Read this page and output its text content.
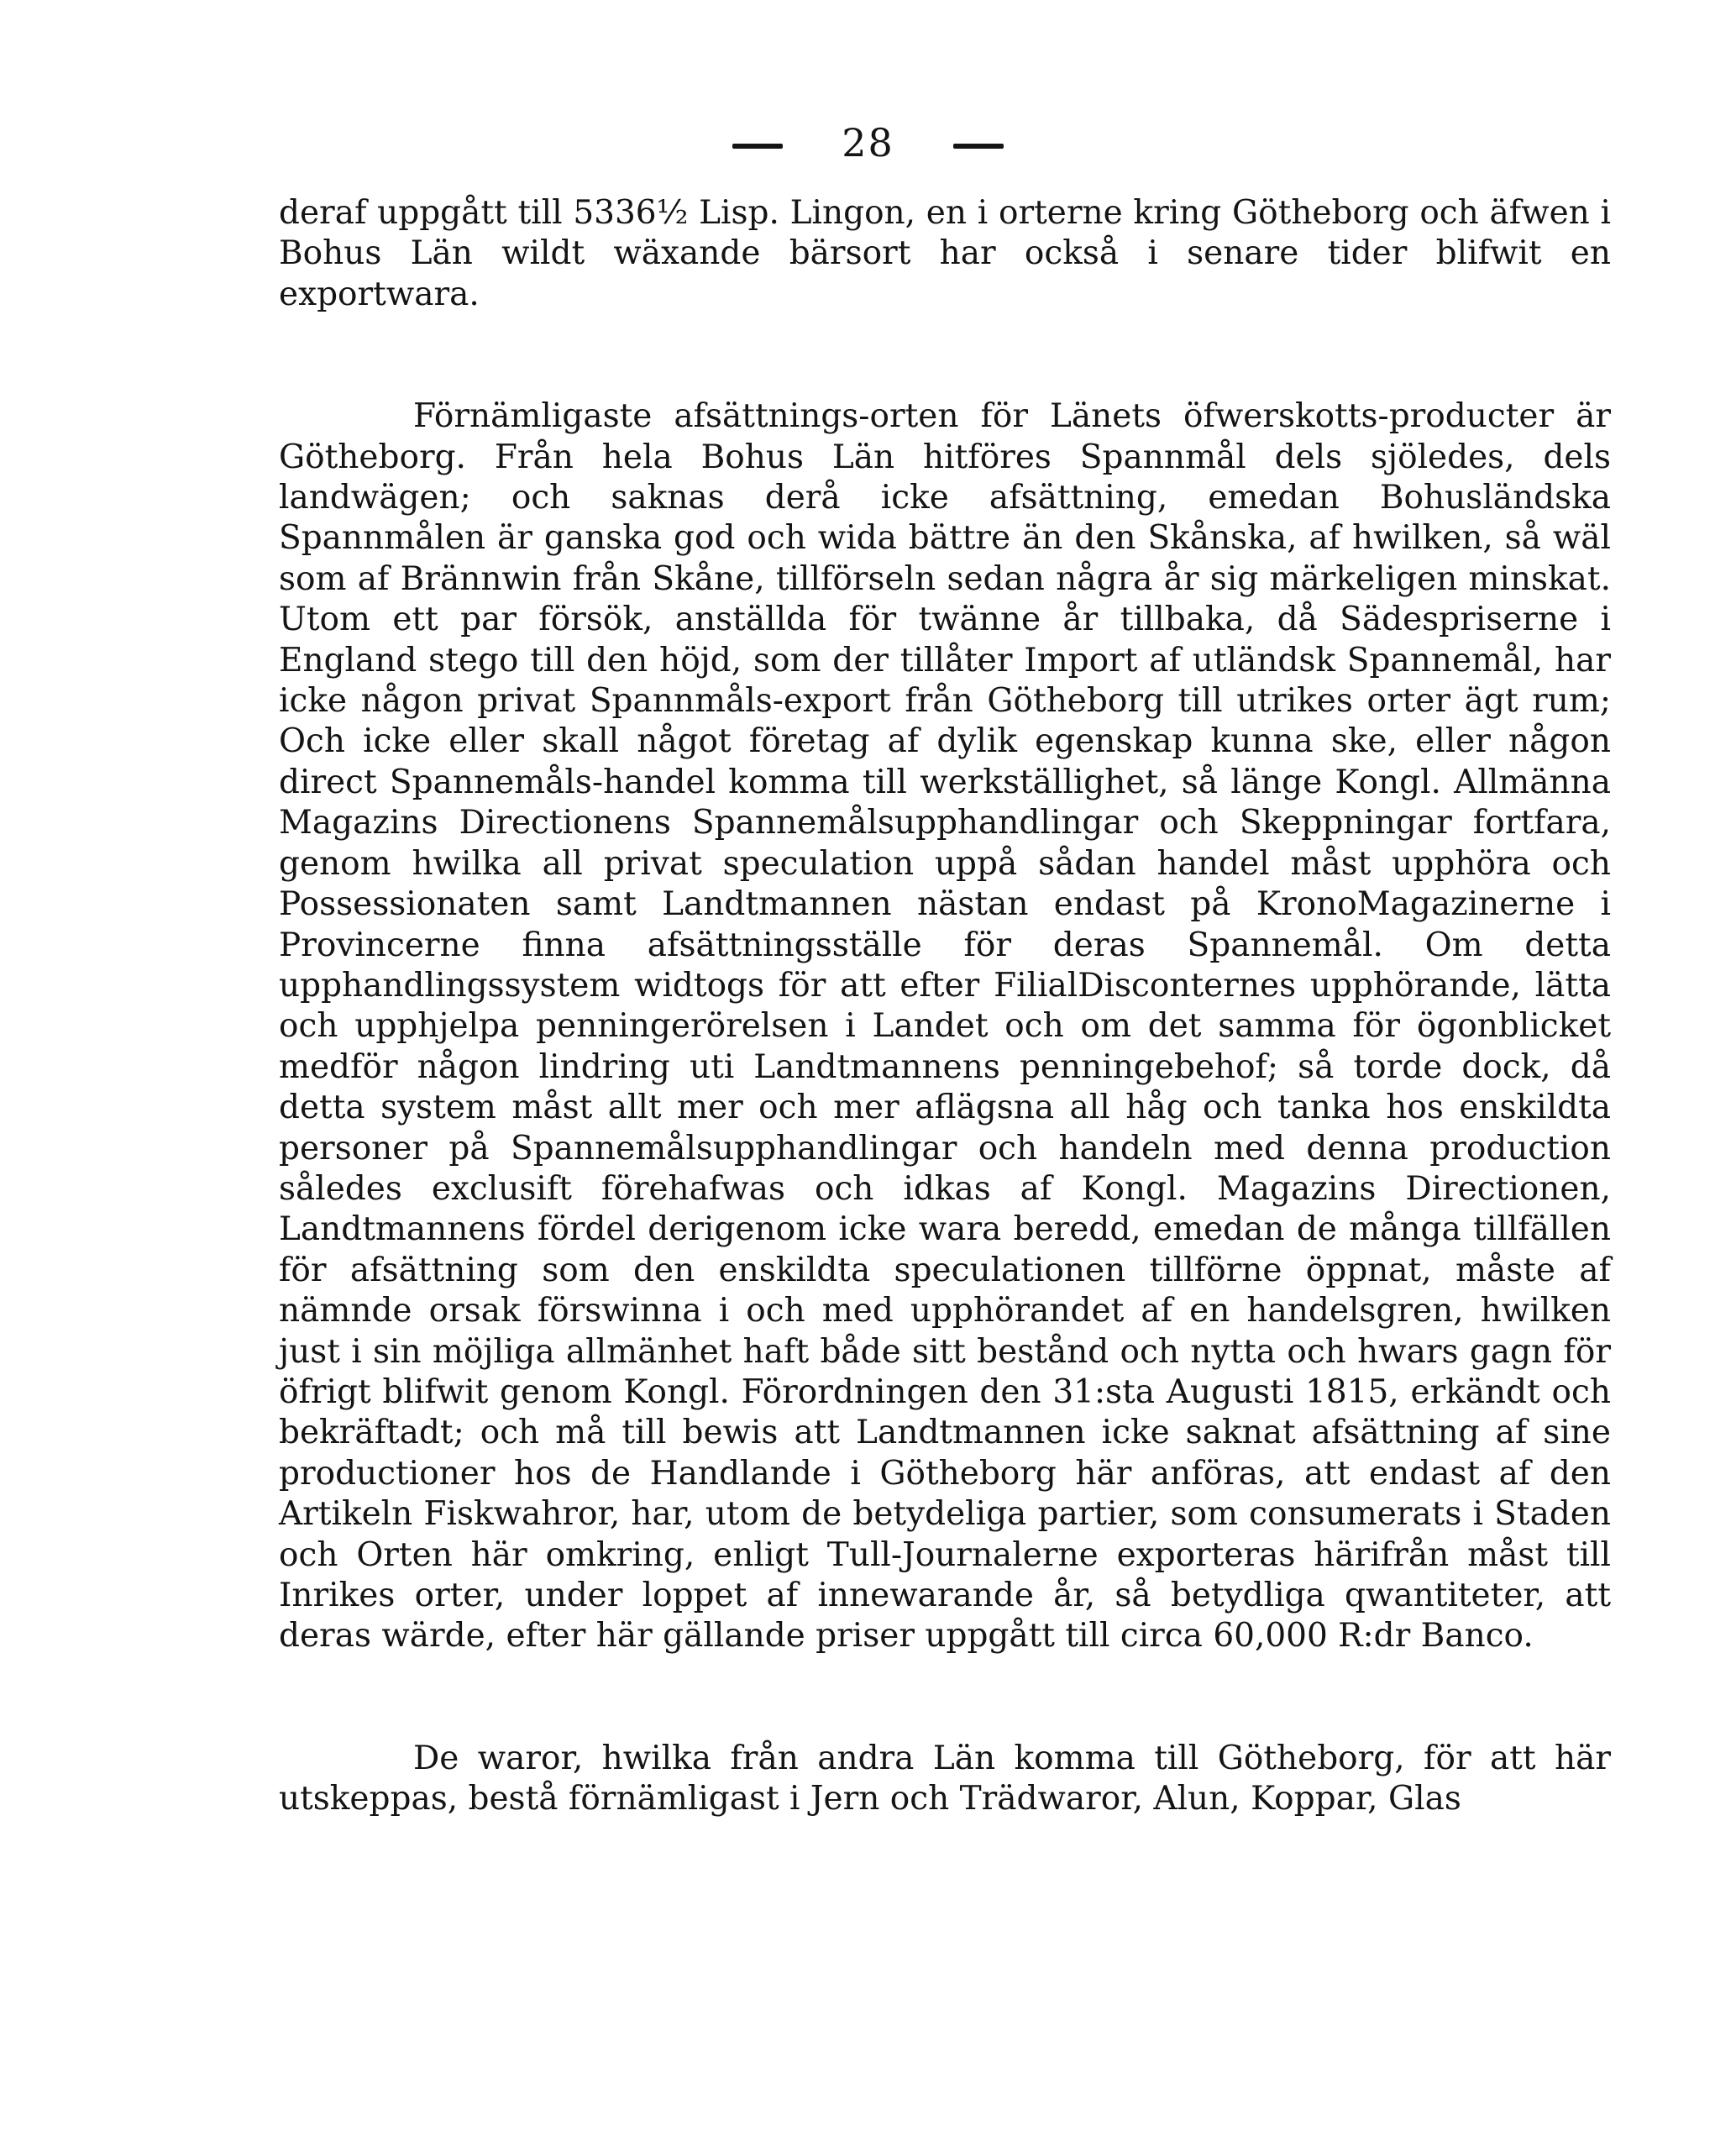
28

deraf uppgått till 5336½ Lisp. Lingon, en i orterne kring Götheborg och äfwen i Bohus Län wildt wäxande bärsort har också i senare tider blifwit en exportwara.

Förnämligaste afsättnings-orten för Länets öfwerskotts-producter är Götheborg. Från hela Bohus Län hitföres Spannmål dels sjöledes, dels landwägen; och saknas derå icke afsättning, emedan Bohusländska Spannmålen är ganska god och wida bättre än den Skånska, af hwilken, så wäl som af Brännwin från Skåne, tillförseln sedan några år sig märkeligen minskat. Utom ett par försök, anställda för twänne år tillbaka, då Sädespriserne i England stego till den höjd, som der tillåter Import af utländsk Spannemål, har icke någon privat Spannmåls-export från Götheborg till utrikes orter ägt rum; Och icke eller skall något företag af dylik egenskap kunna ske, eller någon direct Spannemåls-handel komma till werkställighet, så länge Kongl. Allmänna Magazins Directionens Spannemålsupphandlingar och Skeppningar fortfara, genom hwilka all privat speculation uppå sådan handel måst upphöra och Possessionaten samt Landtmannen nästan endast på KronoMagazinerne i Provincerne finna afsättningsställe för deras Spannemål. Om detta upphandlingssystem widtogs för att efter FilialDisconternes upphörande, lätta och upphjelpa penningerörelsen i Landet och om det samma för ögonblicket medför någon lindring uti Landtmannens penningebehof; så torde dock, då detta system måst allt mer och mer aflägsna all håg och tanka hos enskildta personer på Spannemålsupphandlingar och handeln med denna production således exclusift förehafwas och idkas af Kongl. Magazins Directionen, Landtmannens fördel derigenom icke wara beredd, emedan de många tillfällen för afsättning som den enskildta speculationen tillförne öppnat, måste af nämnde orsak förswinna i och med upphörandet af en handelsgren, hwilken just i sin möjliga allmänhet haft både sitt bestånd och nytta och hwars gagn för öfrigt blifwit genom Kongl. Förordningen den 31:sta Augusti 1815, erkändt och bekräftadt; och må till bewis att Landtmannen icke saknat afsättning af sine productioner hos de Handlande i Götheborg här anföras, att endast af den Artikeln Fiskwahror, har, utom de betydeliga partier, som consumerats i Staden och Orten här omkring, enligt Tull-Journalerne exporteras härifrån måst till Inrikes orter, under loppet af innewarande år, så betydliga qwantiteter, att deras wärde, efter här gällande priser uppgått till circa 60,000 R:dr Banco.

De waror, hwilka från andra Län komma till Götheborg, för att här utskeppas, bestå förnämligast i Jern och Trädwaror, Alun, Koppar, Glas
